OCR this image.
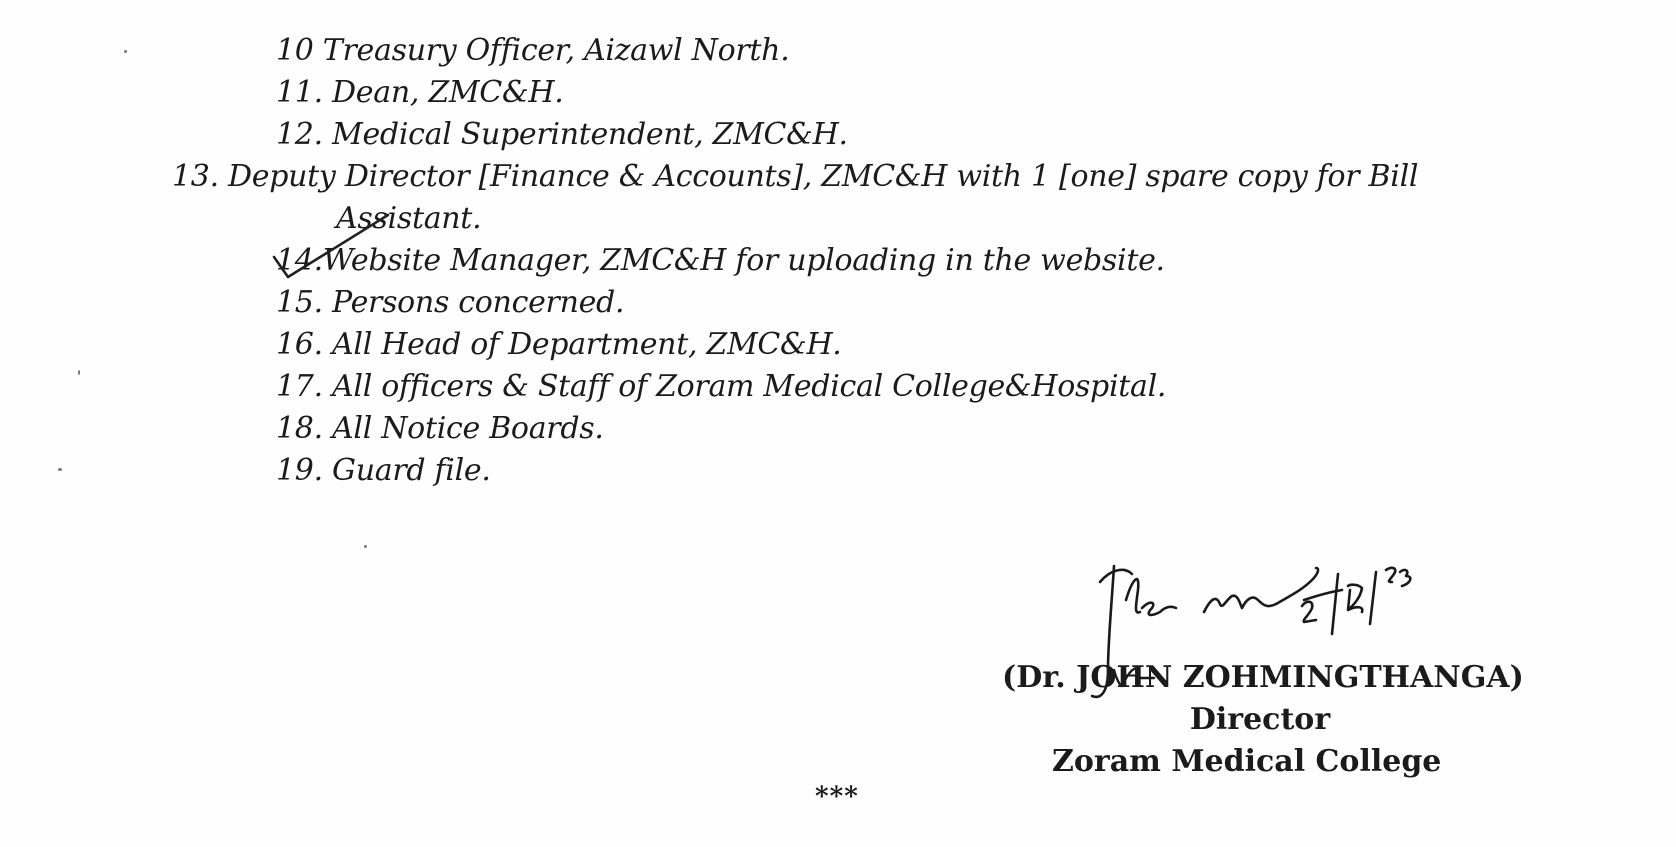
10 Treasury Officer, Aizawl North.
11. Dean, ZMC&H.
12. Medical Superintendent, ZMC&H.
13. Deputy Director [Finance & Accounts], ZMC&H with 1 [one] spare copy for Bill
Assistant.
14.Website Manager, ZMC&H for uploading in the website.
15. Persons concerned.
16. All Head of Department, ZMC&H.
17. All officers & Staff of Zoram Medical College&Hospital.
18. All Notice Boards.
19. Guard file.
(Dr. JOHN ZOHMINGTHANGA)
Director
Zoram Medical College
***
